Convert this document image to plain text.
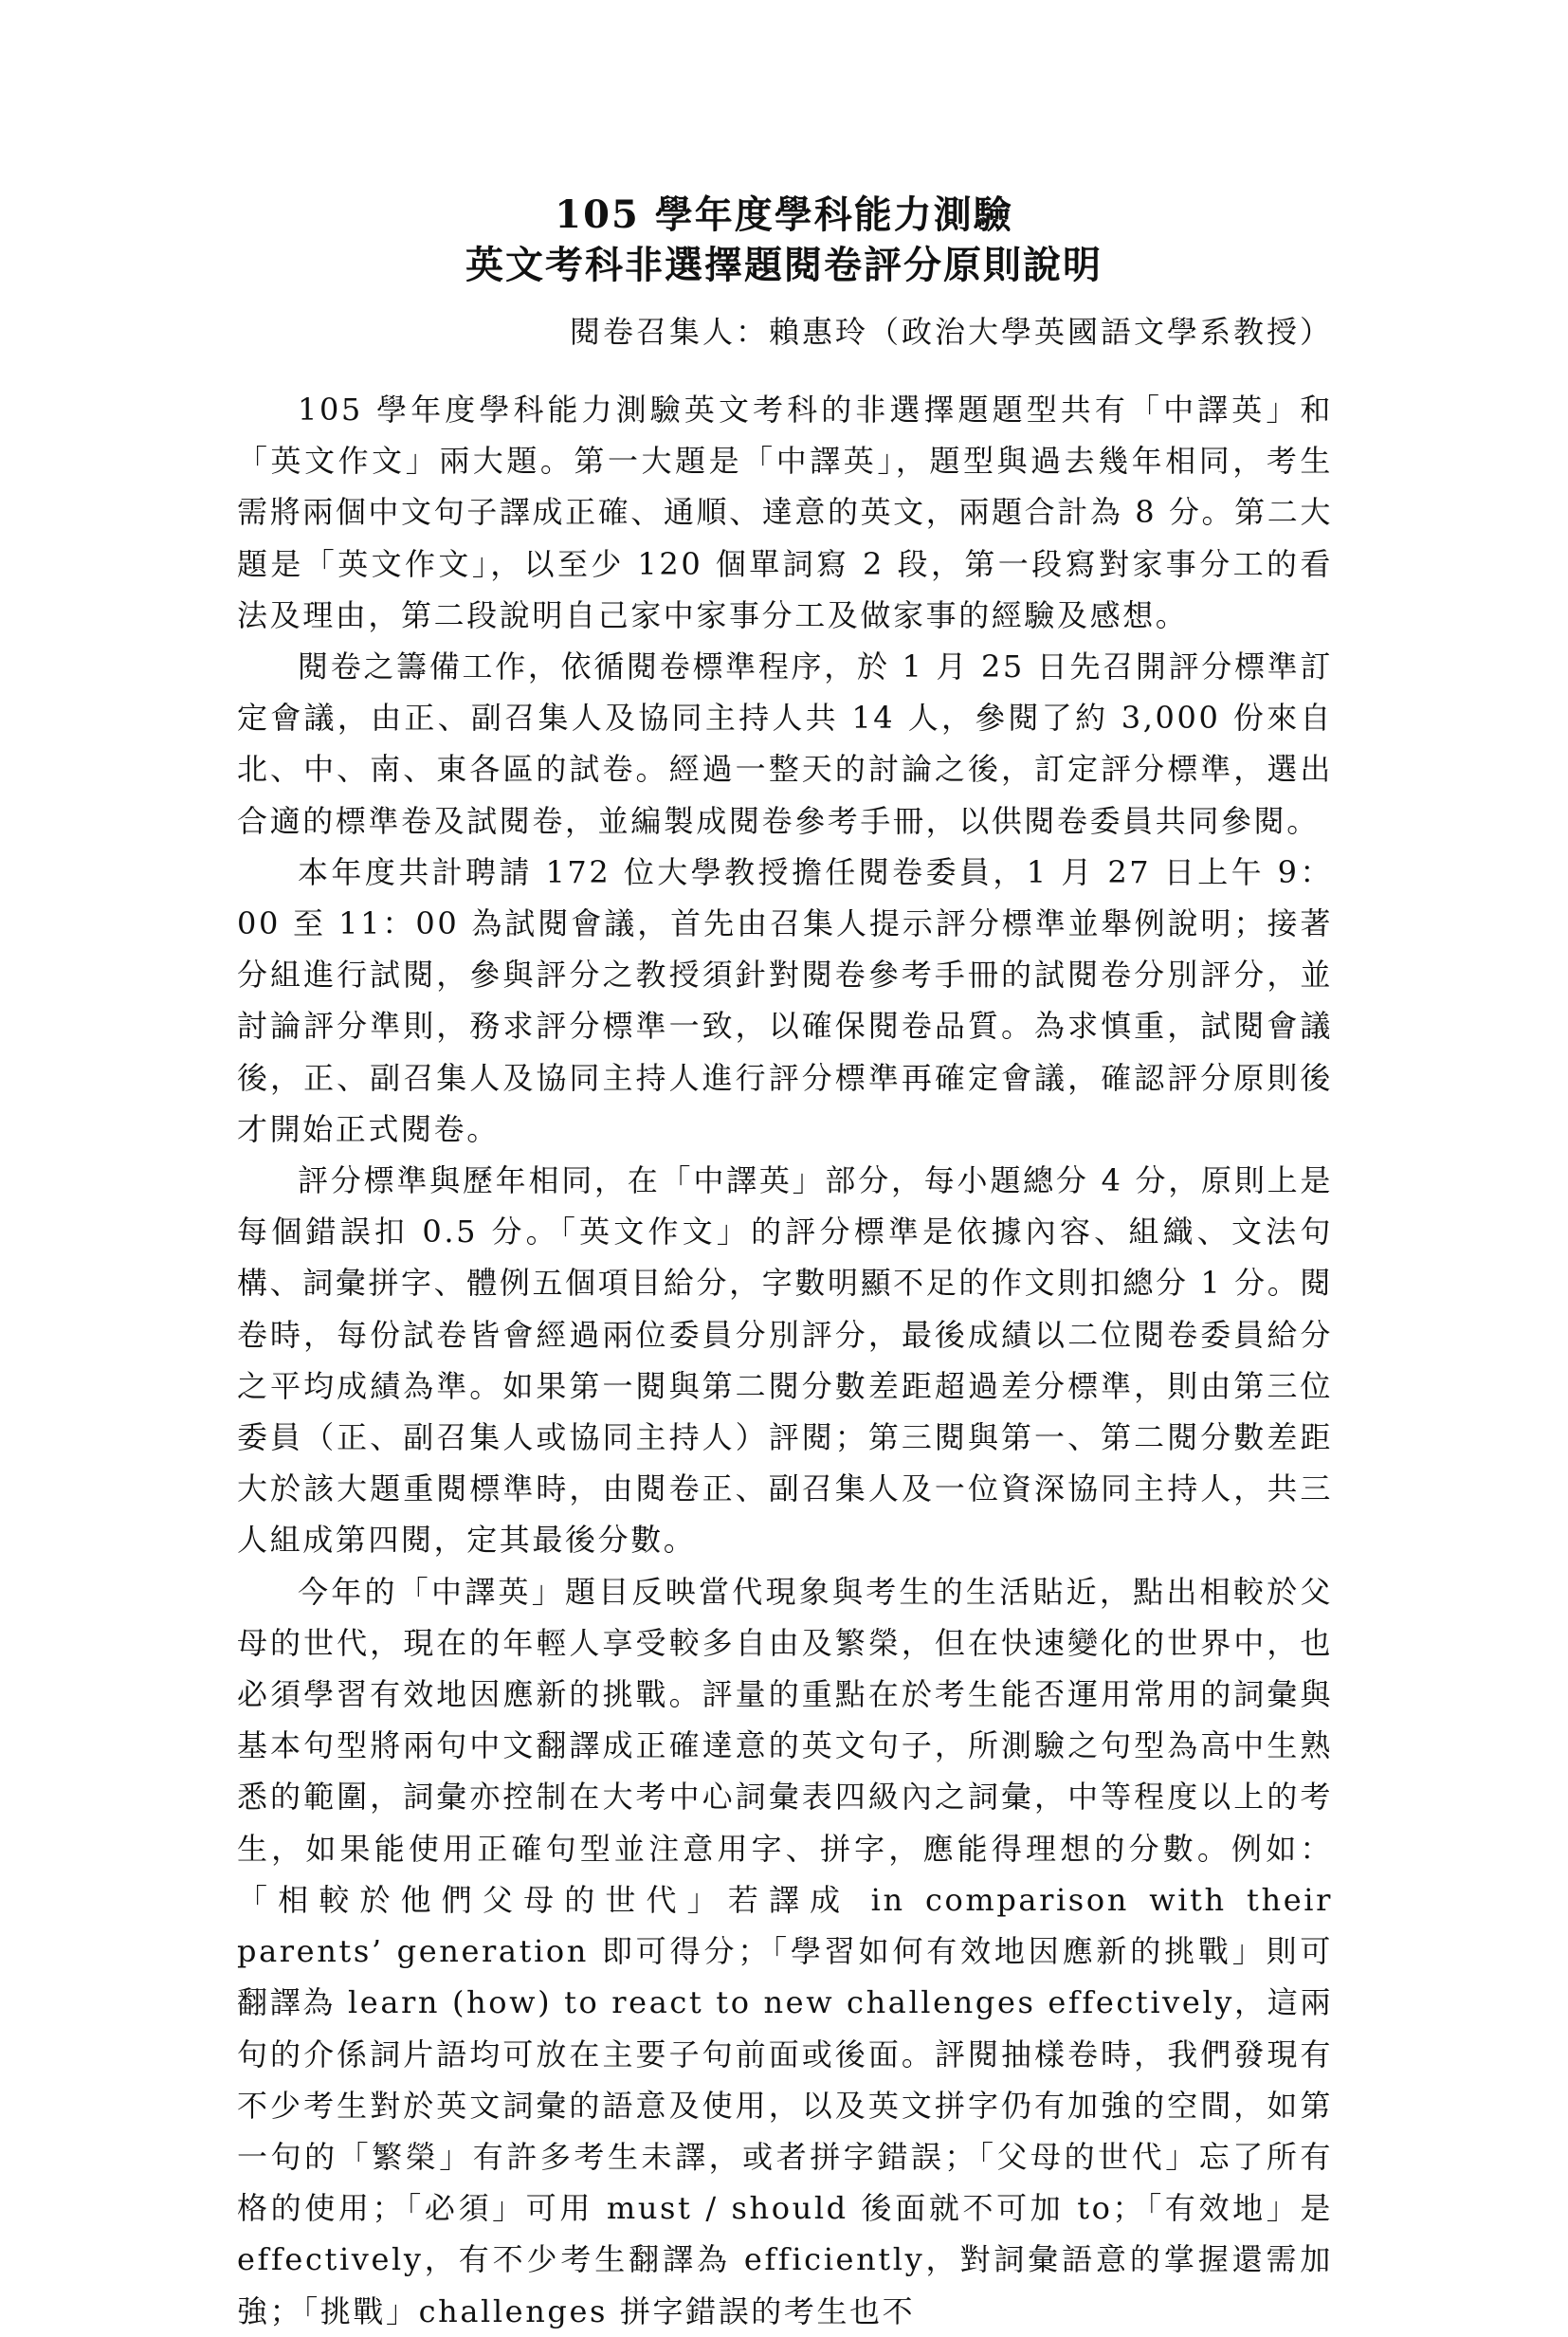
105 學年度學科能力測驗
英文考科非選擇題閱卷評分原則說明
閱卷召集人：賴惠玲（政治大學英國語文學系教授）

105 學年度學科能力測驗英文考科的非選擇題題型共有「中譯英」和「英文作文」兩大題。第一大題是「中譯英」，題型與過去幾年相同，考生需將兩個中文句子譯成正確、通順、達意的英文，兩題合計為 8 分。第二大題是「英文作文」，以至少 120 個單詞寫 2 段，第一段寫對家事分工的看法及理由，第二段說明自己家中家事分工及做家事的經驗及感想。

閱卷之籌備工作，依循閱卷標準程序，於 1 月 25 日先召開評分標準訂定會議，由正、副召集人及協同主持人共 14 人，參閱了約 3,000 份來自北、中、南、東各區的試卷。經過一整天的討論之後，訂定評分標準，選出合適的標準卷及試閱卷，並編製成閱卷參考手冊，以供閱卷委員共同參閱。

本年度共計聘請 172 位大學教授擔任閱卷委員，1 月 27 日上午 9：00 至 11：00 為試閱會議，首先由召集人提示評分標準並舉例說明；接著分組進行試閱，參與評分之教授須針對閱卷參考手冊的試閱卷分別評分，並討論評分準則，務求評分標準一致，以確保閱卷品質。為求慎重，試閱會議後，正、副召集人及協同主持人進行評分標準再確定會議，確認評分原則後才開始正式閱卷。

評分標準與歷年相同，在「中譯英」部分，每小題總分 4 分，原則上是每個錯誤扣 0.5 分。「英文作文」的評分標準是依據內容、組織、文法句構、詞彙拼字、體例五個項目給分，字數明顯不足的作文則扣總分 1 分。閱卷時，每份試卷皆會經過兩位委員分別評分，最後成績以二位閱卷委員給分之平均成績為準。如果第一閱與第二閱分數差距超過差分標準，則由第三位委員（正、副召集人或協同主持人）評閱；第三閱與第一、第二閱分數差距大於該大題重閱標準時，由閱卷正、副召集人及一位資深協同主持人，共三人組成第四閱，定其最後分數。

今年的「中譯英」題目反映當代現象與考生的生活貼近，點出相較於父母的世代，現在的年輕人享受較多自由及繁榮，但在快速變化的世界中，也必須學習有效地因應新的挑戰。評量的重點在於考生能否運用常用的詞彙與基本句型將兩句中文翻譯成正確達意的英文句子，所測驗之句型為高中生熟悉的範圍，詞彙亦控制在大考中心詞彙表四級內之詞彙，中等程度以上的考生，如果能使用正確句型並注意用字、拼字，應能得理想的分數。例如：「相較於他們父母的世代」若譯成 in comparison with their parents’ generation 即可得分；「學習如何有效地因應新的挑戰」則可翻譯為 learn (how) to react to new challenges effectively，這兩句的介係詞片語均可放在主要子句前面或後面。評閱抽樣卷時，我們發現有不少考生對於英文詞彙的語意及使用，以及英文拼字仍有加強的空間，如第一句的「繁榮」有許多考生未譯，或者拼字錯誤；「父母的世代」忘了所有格的使用；「必須」可用 must / should 後面就不可加 to；「有效地」是 effectively，有不少考生翻譯為 efficiently，對詞彙語意的掌握還需加強；「挑戰」challenges 拼字錯誤的考生也不
